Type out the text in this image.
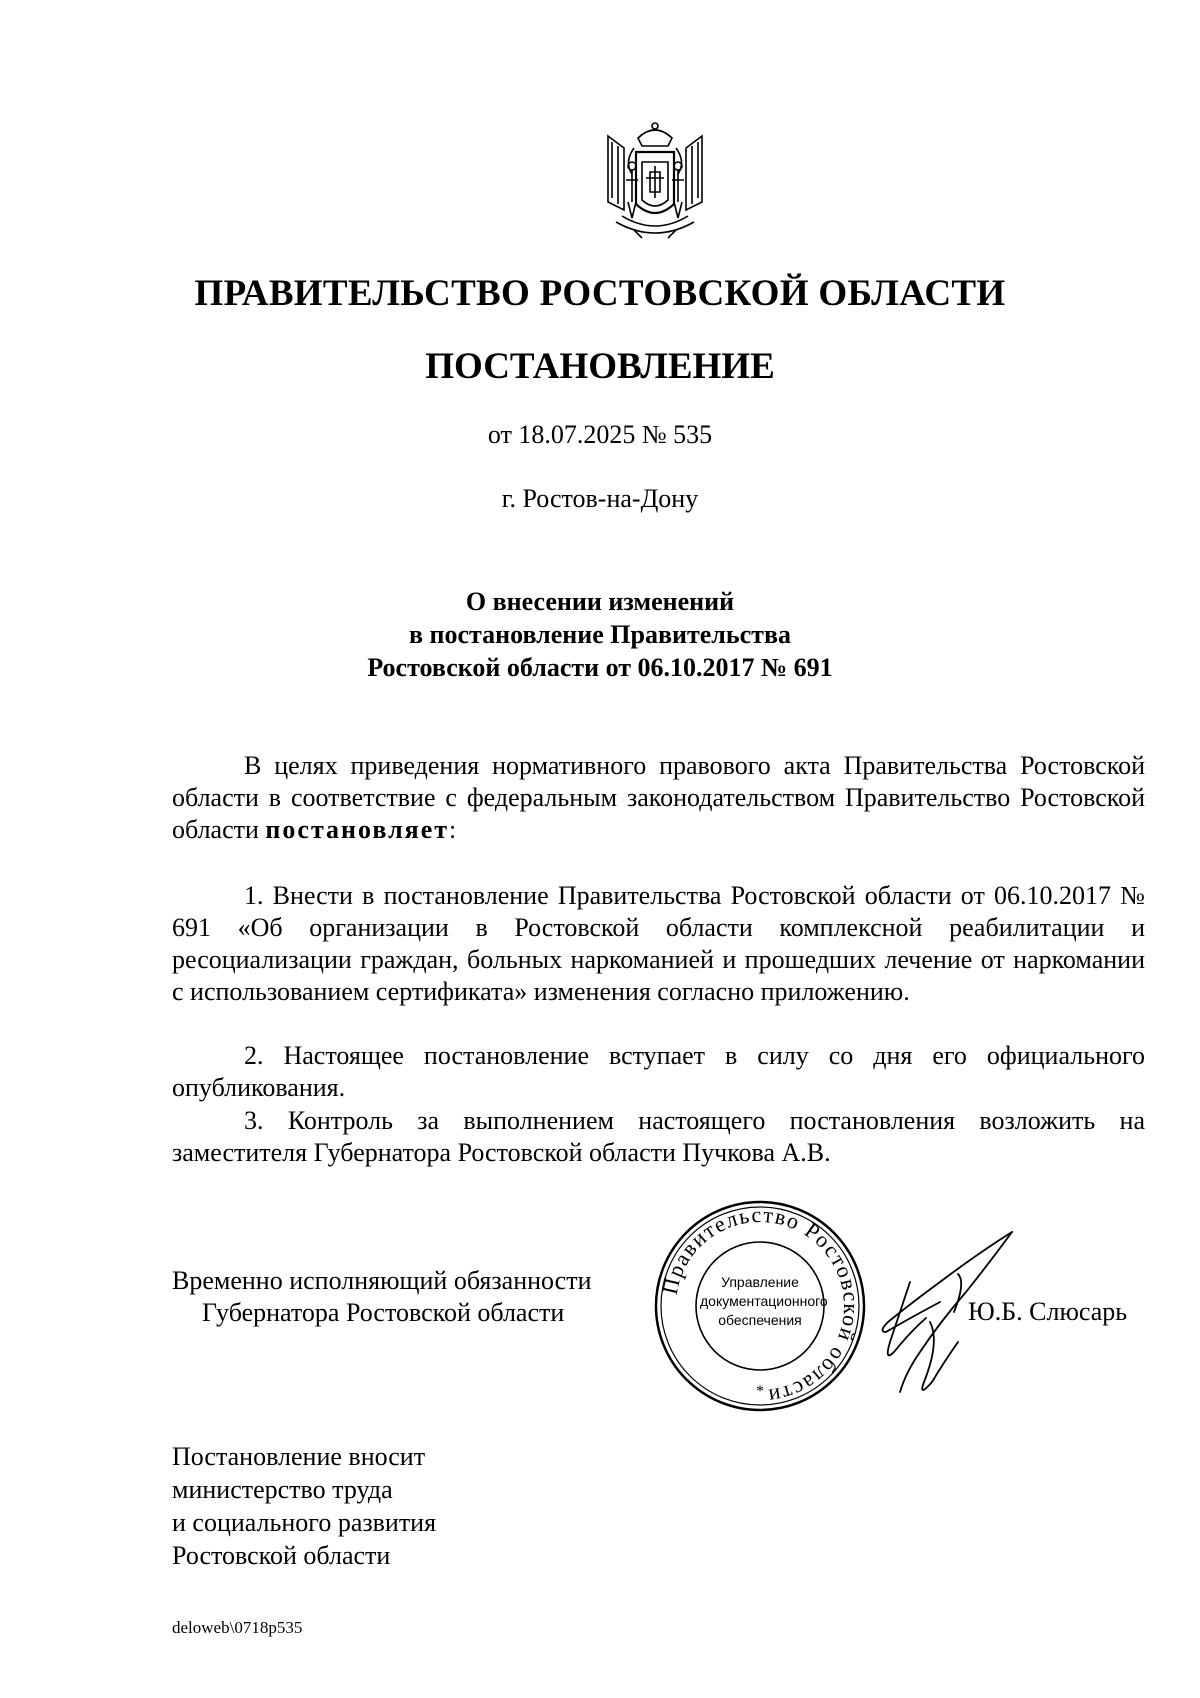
ПРАВИТЕЛЬСТВО РОСТОВСКОЙ ОБЛАСТИ
ПОСТАНОВЛЕНИЕ
от 18.07.2025 № 535
г. Ростов-на-Дону
О внесении изменений
в постановление Правительства
Ростовской области от 06.10.2017 № 691
В целях приведения нормативного правового акта Правительства Ростовской области в соответствие с федеральным законодательством Правительство Ростовской области постановляет:
1. Внести в постановление Правительства Ростовской области от 06.10.2017 № 691 «Об организации в Ростовской области комплексной реабилитации и ресоциализации граждан, больных наркоманией и прошедших лечение от наркомании с использованием сертификата» изменения согласно приложению.
2. Настоящее постановление вступает в силу со дня его официального опубликования.
3. Контроль за выполнением настоящего постановления возложить на заместителя Губернатора Ростовской области Пучкова А.В.
Временно исполняющий обязанности
Губернатора Ростовской области
Правительство Ростовской области
*
Управление
документационного
обеспечения	Ю.Б. Слюсарь
Постановление вносит
министерство труда
и социального развития
Ростовской области
deloweb\0718p535
